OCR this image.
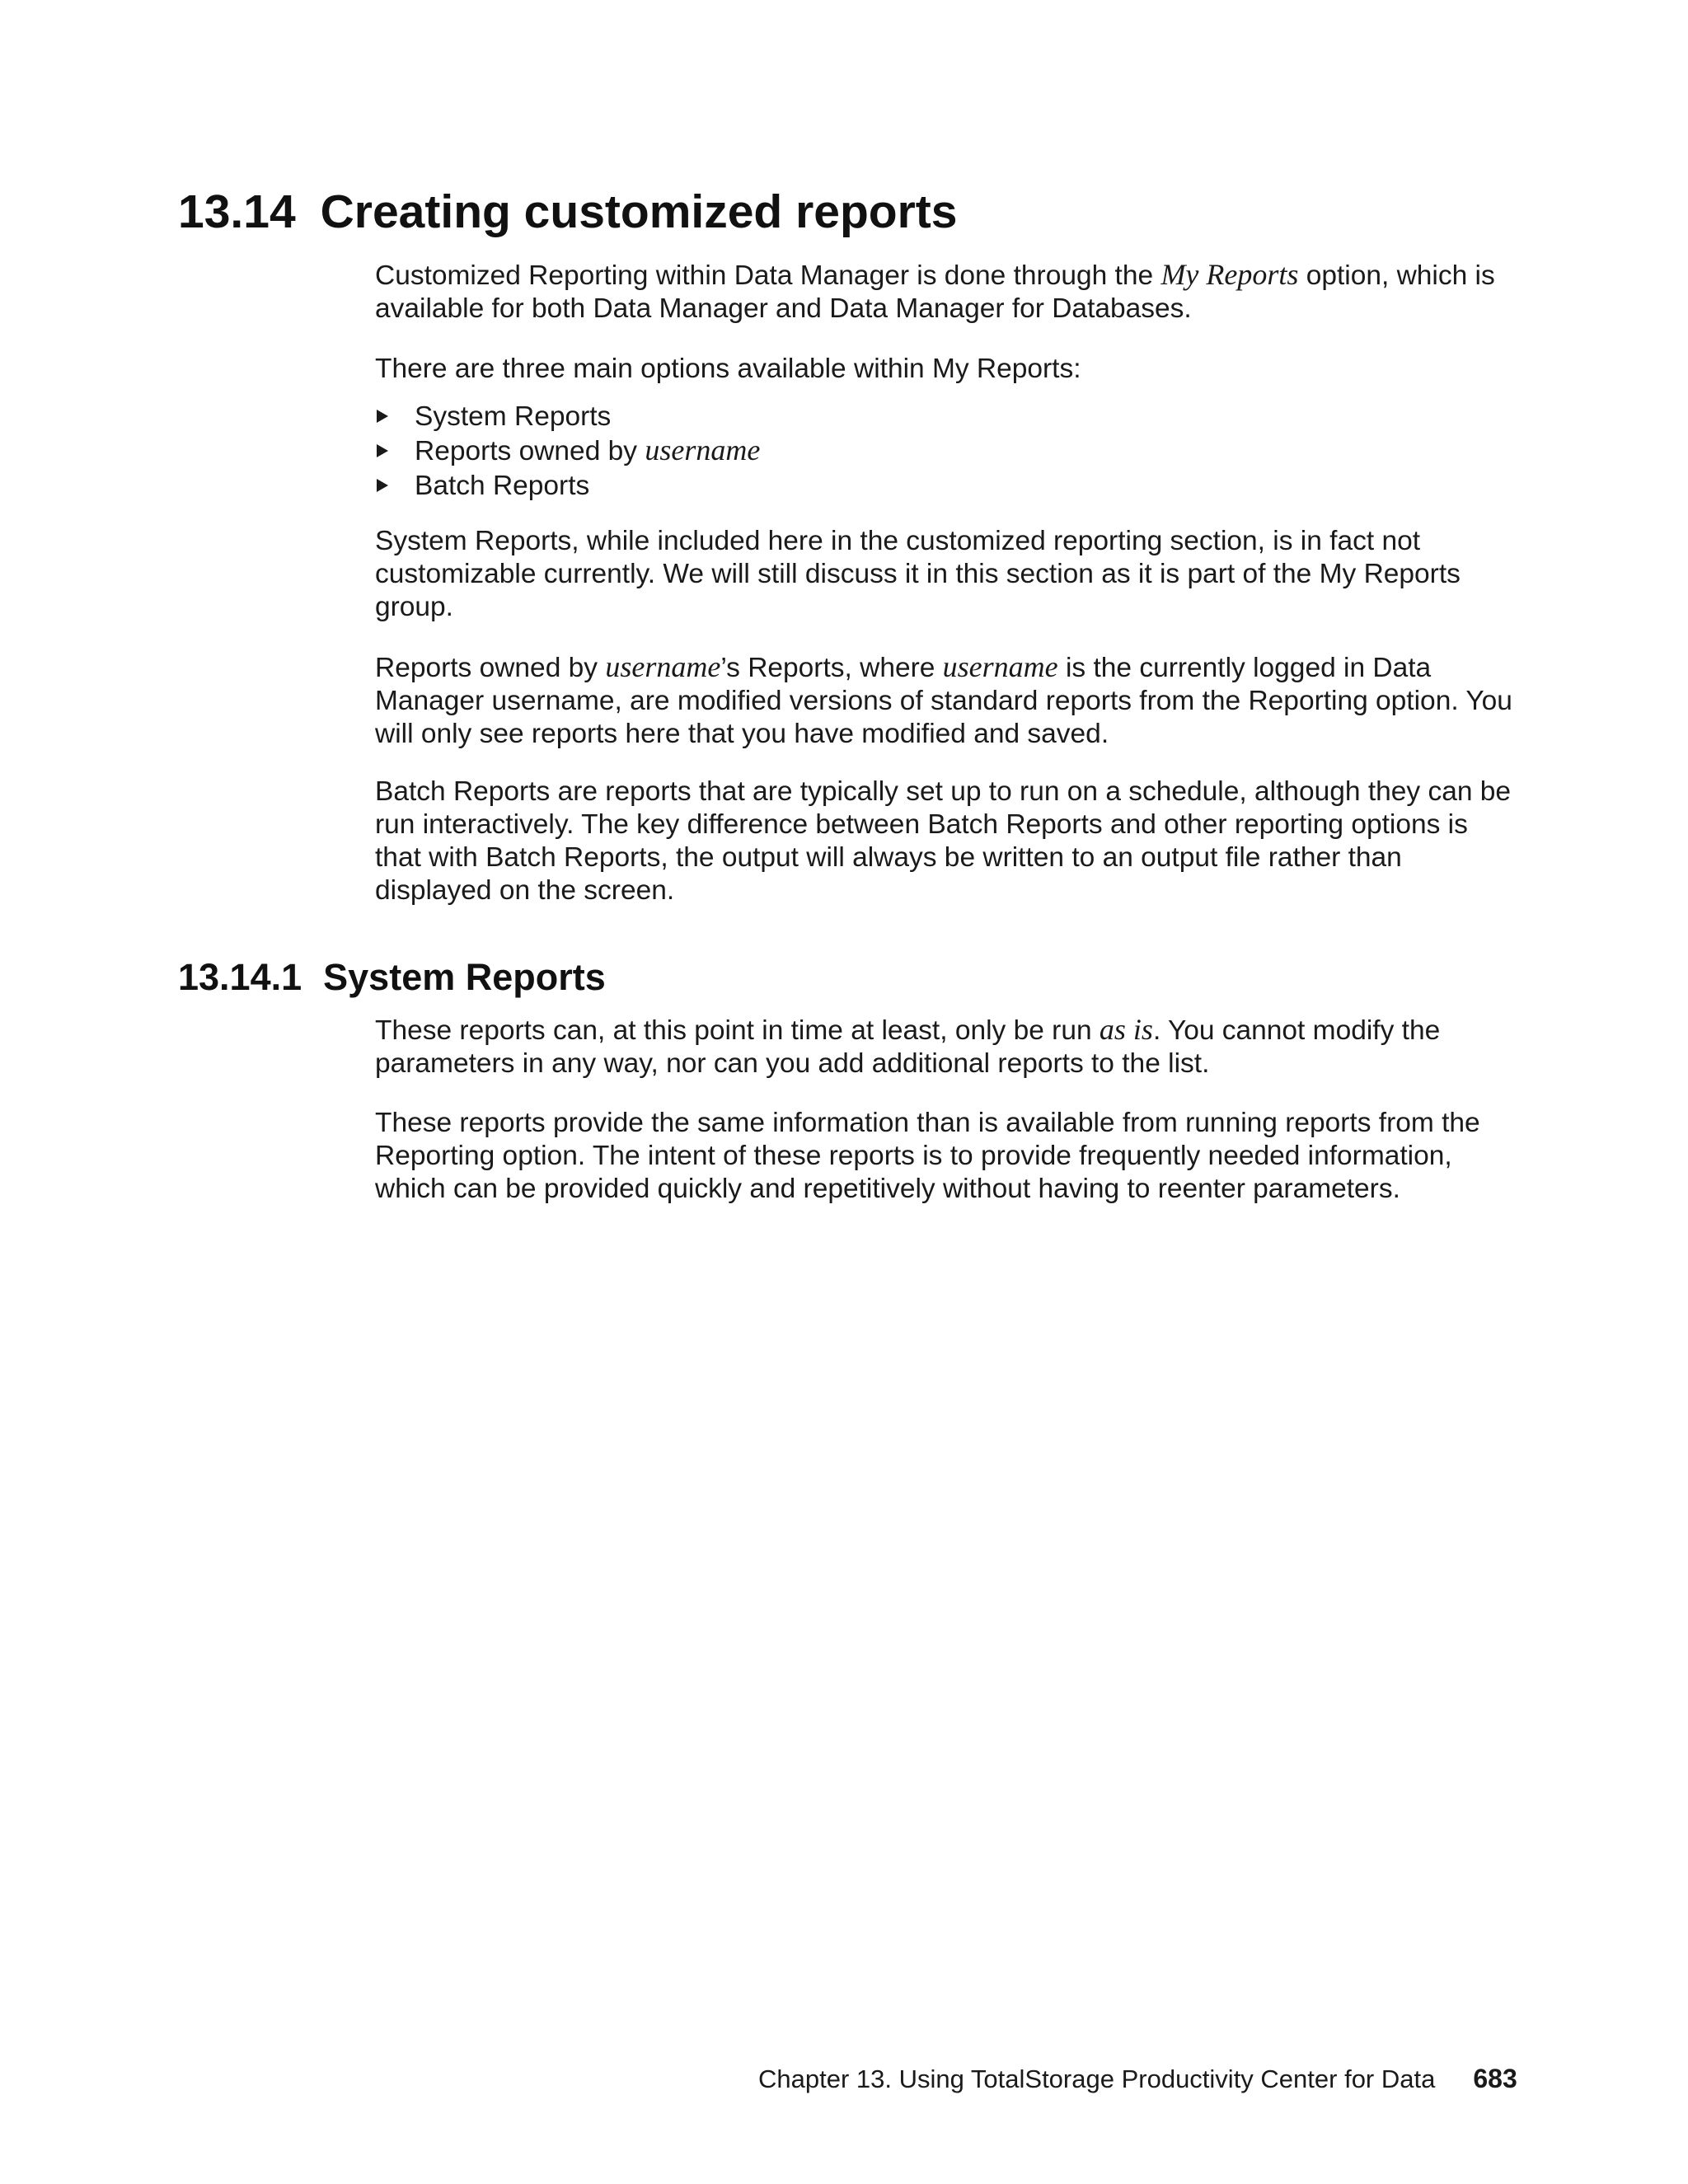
13.14 Creating customized reports

Customized Reporting within Data Manager is done through the My Reports option, which is
available for both Data Manager and Data Manager for Databases.

There are three main options available within My Reports:

System Reports
Reports owned by username
Batch Reports

System Reports, while included here in the customized reporting section, is in fact not
customizable currently. We will still discuss it in this section as it is part of the My Reports
group.

Reports owned by username’s Reports, where username is the currently logged in Data
Manager username, are modified versions of standard reports from the Reporting option. You
will only see reports here that you have modified and saved.

Batch Reports are reports that are typically set up to run on a schedule, although they can be
run interactively. The key difference between Batch Reports and other reporting options is
that with Batch Reports, the output will always be written to an output file rather than
displayed on the screen.

13.14.1 System Reports

These reports can, at this point in time at least, only be run as is. You cannot modify the
parameters in any way, nor can you add additional reports to the list.

These reports provide the same information than is available from running reports from the
Reporting option. The intent of these reports is to provide frequently needed information,
which can be provided quickly and repetitively without having to reenter parameters.

Chapter 13. Using TotalStorage Productivity Center for Data 683
